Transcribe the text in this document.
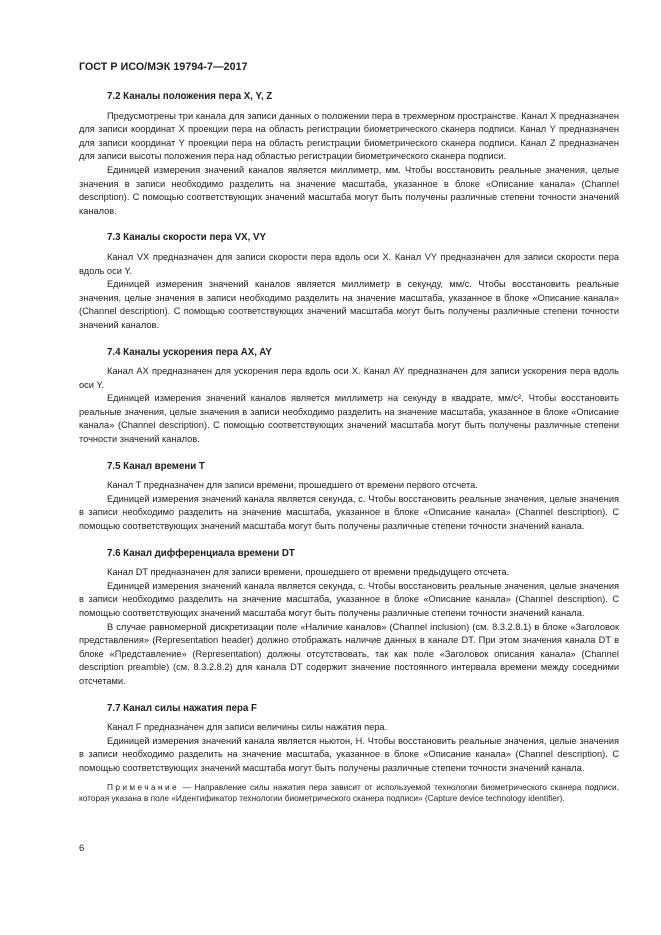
ГОСТ Р ИСО/МЭК 19794-7—2017

7.2 Каналы положения пера X, Y, Z

Предусмотрены три канала для записи данных о положении пера в трехмерном пространстве. Канал X предназначен для записи координат X проекции пера на область регистрации биометрического сканера подписи. Канал Y предназначен для записи координат Y проекции пера на область регистрации биометрического сканера подписи. Канал Z предназначен для записи высоты положения пера над областью регистрации биометрического сканера подписи.

Единицей измерения значений каналов является миллиметр, мм. Чтобы восстановить реальные значения, целые значения в записи необходимо разделить на значение масштаба, указанное в блоке «Описание канала» (Channel description). С помощью соответствующих значений масштаба могут быть получены различные степени точности значений каналов.

7.3 Каналы скорости пера VX, VY

Канал VX предназначен для записи скорости пера вдоль оси X. Канал VY предназначен для записи скорости пера вдоль оси Y.

Единицей измерения значений каналов является миллиметр в секунду, мм/с. Чтобы восстановить реальные значения, целые значения в записи необходимо разделить на значение масштаба, указанное в блоке «Описание канала» (Channel description). С помощью соответствующих значений масштаба могут быть получены различные степени точности значений каналов.

7.4 Каналы ускорения пера AX, AY

Канал AX предназначен для ускорения пера вдоль оси X. Канал AY предназначен для записи ускорения пера вдоль оси Y.

Единицей измерения значений каналов является миллиметр на секунду в квадрате, мм/с². Чтобы восстановить реальные значения, целые значения в записи необходимо разделить на значение масштаба, указанное в блоке «Описание канала» (Channel description). С помощью соответствующих значений масштаба могут быть получены различные степени точности значений каналов.

7.5 Канал времени T

Канал T предназначен для записи времени, прошедшего от времени первого отсчета.

Единицей измерения значений канала является секунда, с. Чтобы восстановить реальные значения, целые значения в записи необходимо разделить на значение масштаба, указанное в блоке «Описание канала» (Channel description). С помощью соответствующих значений масштаба могут быть получены различные степени точности значений канала.

7.6 Канал дифференциала времени DT

Канал DT предназначен для записи времени, прошедшего от времени предыдущего отсчета.

Единицей измерения значений канала является секунда, с. Чтобы восстановить реальные значения, целые значения в записи необходимо разделить на значение масштаба, указанное в блоке «Описание канала» (Channel description). С помощью соответствующих значений масштаба могут быть получены различные степени точности значений канала.

В случае равномерной дискретизации поле «Наличие каналов» (Channel inclusion) (см. 8.3.2.8.1) в блоке «Заголовок представления» (Representation header) должно отображать наличие данных в канале DT. При этом значения канала DT в блоке «Представление» (Representation) должны отсутствовать, так как поле «Заголовок описания канала» (Channel description preamble) (см. 8.3.2.8.2) для канала DT содержит значение постоянного интервала времени между соседними отсчетами.

7.7 Канал силы нажатия пера F

Канал F предназначен для записи величины силы нажатия пера.

Единицей измерения значений канала является ньютон, Н. Чтобы восстановить реальные значения, целые значения в записи необходимо разделить на значение масштаба, указанное в блоке «Описание канала» (Channel description). С помощью соответствующих значений масштаба могут быть получены различные степени точности значений канала.

Примечание — Направление силы нажатия пера зависит от используемой технологии биометрического сканера подписи, которая указана в поле «Идентификатор технологии биометрического сканера подписи» (Capture device technology identifier).

6
